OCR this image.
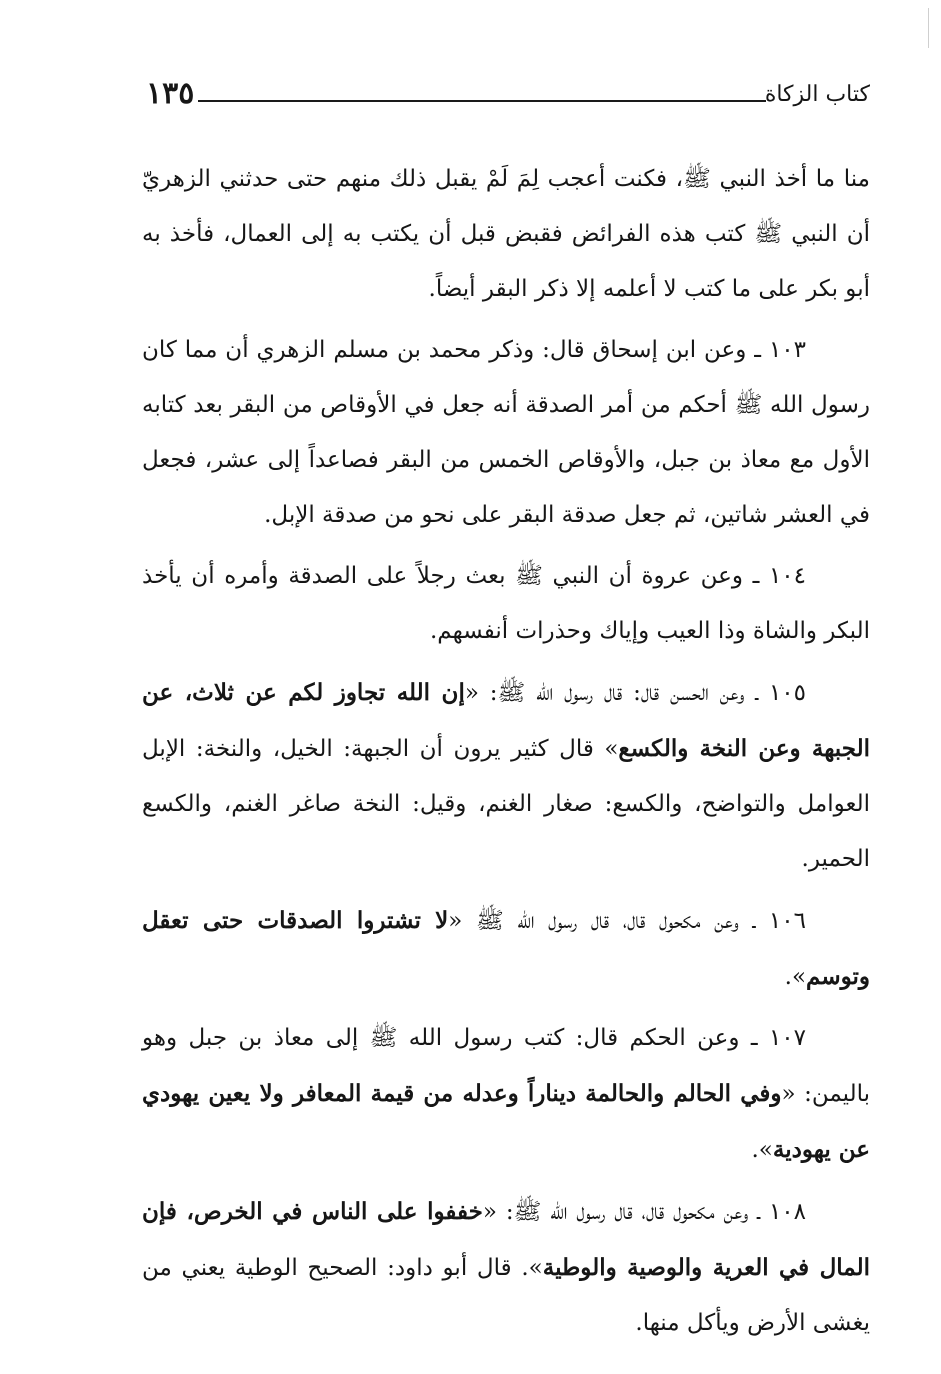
١٣٥	كتاب الزكاة

منا ما أخذ النبي ﷺ، فكنت أعجب لِمَ لَمْ يقبل ذلك منهم حتى حدثني الزهريّ أن النبي ﷺ كتب هذه الفرائض فقبض قبل أن يكتب به إلى العمال، فأخذ به أبو بكر على ما كتب لا أعلمه إلا ذكر البقر أيضاً.

١٠٣ ـ وعن ابن إسحاق قال: وذكر محمد بن مسلم الزهري أن مما كان رسول الله ﷺ أحكم من أمر الصدقة أنه جعل في الأوقاص من البقر بعد كتابه الأول مع معاذ بن جبل، والأوقاص الخمس من البقر فصاعداً إلى عشر، فجعل في العشر شاتين، ثم جعل صدقة البقر على نحو من صدقة الإبل.

١٠٤ ـ وعن عروة أن النبي ﷺ بعث رجلاً على الصدقة وأمره أن يأخذ البكر والشاة وذا العيب وإياك وحذرات أنفسهم.

١٠٥ ـ وعن الحسن قال: قال رسول الله ﷺ: «إن الله تجاوز لكم عن ثلاث، عن الجبهة وعن النخة والكسع» قال كثير يرون أن الجبهة: الخيل، والنخة: الإبل العوامل والتواضح، والكسع: صغار الغنم، وقيل: النخة صاغر الغنم، والكسع الحمير.

١٠٦ ـ وعن مكحول قال، قال رسول الله ﷺ «لا تشتروا الصدقات حتى تعقل وتوسم».

١٠٧ ـ وعن الحكم قال: كتب رسول الله ﷺ إلى معاذ بن جبل وهو باليمن: «وفي الحالم والحالمة ديناراً وعدله من قيمة المعافر ولا يعين يهودي عن يهودية».

١٠٨ ـ وعن مكحول قال، قال رسول الله ﷺ: «خففوا على الناس في الخرص، فإن المال في العرية والوصية والوطية». قال أبو داود: الصحيح الوطية يعني من يغشى الأرض ويأكل منها.
